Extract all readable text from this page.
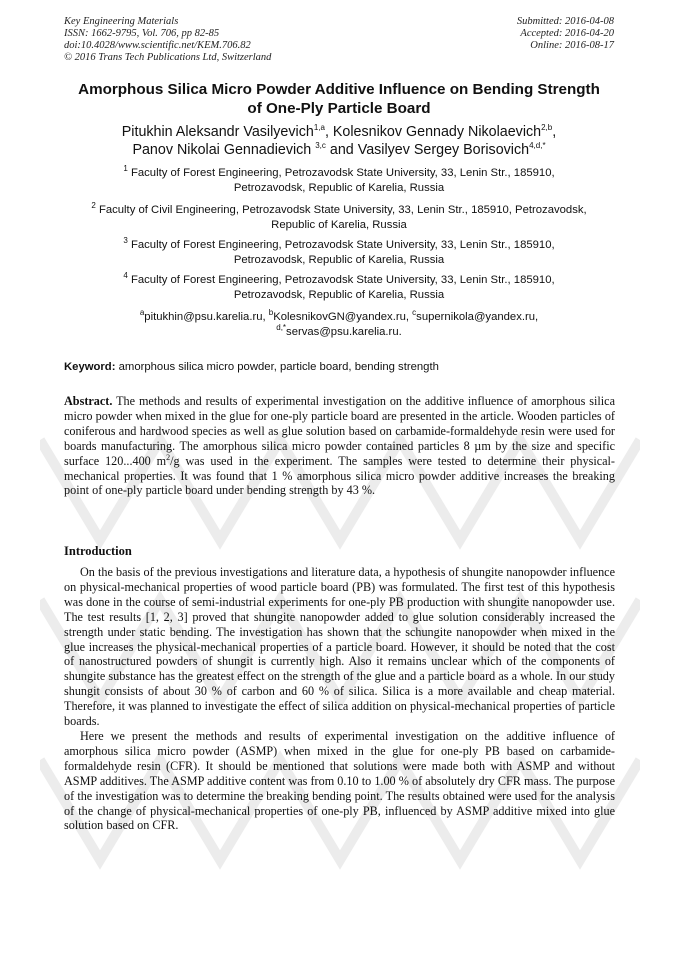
Key Engineering Materials
ISSN: 1662-9795, Vol. 706, pp 82-85
doi:10.4028/www.scientific.net/KEM.706.82
© 2016 Trans Tech Publications Ltd, Switzerland
Submitted: 2016-04-08
Accepted: 2016-04-20
Online: 2016-08-17
Amorphous Silica Micro Powder Additive Influence on Bending Strength
of One-Ply Particle Board
Pitukhin Aleksandr Vasilyevich$^{1,a}$, Kolesnikov Gennady Nikolaevich$^{2,b}$,
Panov Nikolai Gennadievich $^{3,c}$ and Vasilyev Sergey Borisovich$^{4,d,*}$
$^1$ Faculty of Forest Engineering, Petrozavodsk State University, 33, Lenin Str., 185910,
Petrozavodsk, Republic of Karelia, Russia
$^2$ Faculty of Civil Engineering, Petrozavodsk State University, 33, Lenin Str., 185910, Petrozavodsk,
Republic of Karelia, Russia
$^3$ Faculty of Forest Engineering, Petrozavodsk State University, 33, Lenin Str., 185910,
Petrozavodsk, Republic of Karelia, Russia
$^4$ Faculty of Forest Engineering, Petrozavodsk State University, 33, Lenin Str., 185910,
Petrozavodsk, Republic of Karelia, Russia
$^a$pitukhin@psu.karelia.ru, $^b$KolesnikovGN@yandex.ru, $^c$supernikola@yandex.ru,
$^{d,*}$servas@psu.karelia.ru.
Keyword: amorphous silica micro powder, particle board, bending strength
Abstract. The methods and results of experimental investigation on the additive influence of amorphous silica micro powder when mixed in the glue for one-ply particle board are presented in the article. Wooden particles of coniferous and hardwood species as well as glue solution based on carbamide-formaldehyde resin were used for boards manufacturing. The amorphous silica micro powder contained particles 8 µm by the size and specific surface 120...400 $m^2/g$ was used in the experiment. The samples were tested to determine their physical-mechanical properties. It was found that 1 % amorphous silica micro powder additive increases the breaking point of one-ply particle board under bending strength by 43 %.
Introduction

On the basis of the previous investigations and literature data, a hypothesis of shungite nanopowder influence on physical-mechanical properties of wood particle board (PB) was formulated. The first test of this hypothesis was done in the course of semi-industrial experiments for one-ply PB production with shungite nanopowder use. The test results [1, 2, 3] proved that shungite nanopowder added to glue solution considerably increased the strength under static bending. The investigation has shown that the schungite nanopowder when mixed in the glue increases the physical-mechanical properties of a particle board. However, it should be noted that the cost of nanostructured powders of shungit is currently high. Also it remains unclear which of the components of shungite substance has the greatest effect on the strength of the glue and a particle board as a whole. In our study shungit consists of about 30 % of carbon and 60 % of silica. Silica is a more available and cheap material. Therefore, it was planned to investigate the effect of silica addition on physical-mechanical properties of particle boards.

Here we present the methods and results of experimental investigation on the additive influence of amorphous silica micro powder (ASMP) when mixed in the glue for one-ply PB based on carbamide-formaldehyde resin (CFR). It should be mentioned that solutions were made both with ASMP and without ASMP additives. The ASMP additive content was from 0.10 to 1.00 % of absolutely dry CFR mass. The purpose of the investigation was to determine the breaking bending point. The results obtained were used for the analysis of the change of physical-mechanical properties of one-ply PB, influenced by ASMP additive mixed into glue solution based on CFR.
